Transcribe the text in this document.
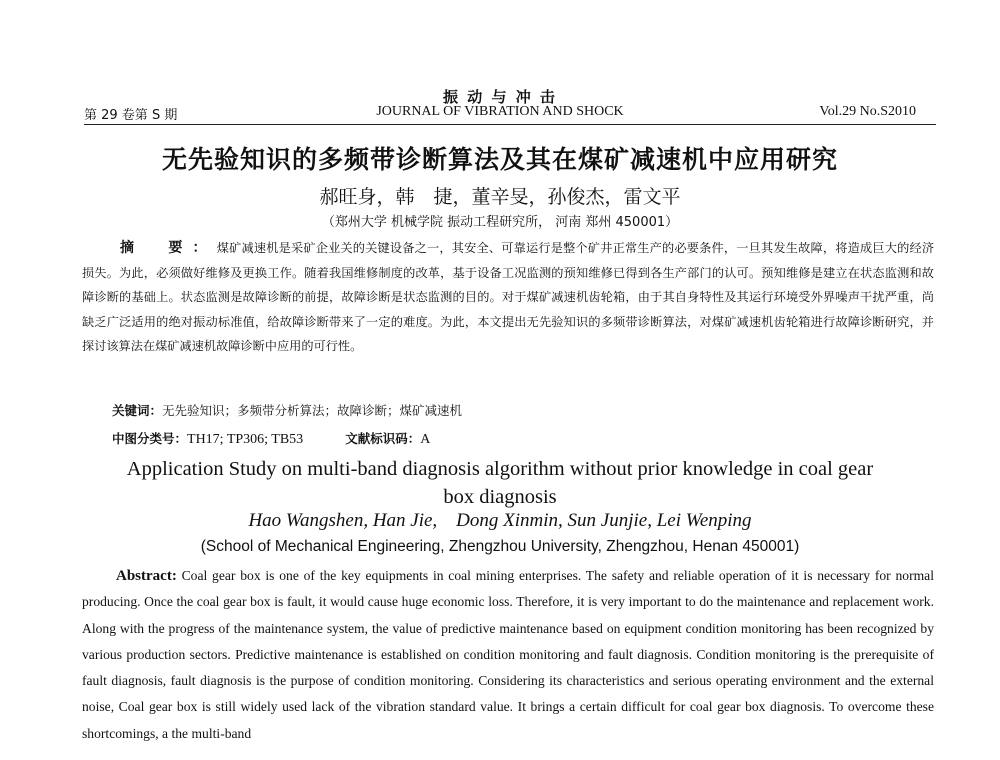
振 动 与 冲 击
第 29 卷第 S 期	JOURNAL OF VIBRATION AND SHOCK	Vol.29 No.S2010
无先验知识的多频带诊断算法及其在煤矿减速机中应用研究
郝旺身，韩　捷，董辛旻，孙俊杰，雷文平
（郑州大学 机械学院 振动工程研究所， 河南 郑州 450001）
摘　要：煤矿减速机是采矿企业关的关键设备之一，其安全、可靠运行是整个矿井正常生产的必要条件，一旦其发生故障，将造成巨大的经济损失。为此，必须做好维修及更换工作。随着我国维修制度的改革，基于设备工况监测的预知维修已得到各生产部门的认可。预知维修是建立在状态监测和故障诊断的基础上。状态监测是故障诊断的前提，故障诊断是状态监测的目的。对于煤矿减速机齿轮箱，由于其自身特性及其运行环境受外界噪声干扰严重，尚缺乏广泛适用的绝对振动标准值，给故障诊断带来了一定的难度。为此，本文提出无先验知识的多频带诊断算法，对煤矿减速机齿轮箱进行故障诊断研究，并探讨该算法在煤矿减速机故障诊断中应用的可行性。
关键词：无先验知识；多频带分析算法；故障诊断；煤矿减速机
中图分类号：TH17; TP306; TB53	文献标识码：A
Application Study on multi-band diagnosis algorithm without prior knowledge in coal gear box diagnosis
Hao Wangshen, Han Jie,    Dong Xinmin, Sun Junjie, Lei Wenping
(School of Mechanical Engineering, Zhengzhou University, Zhengzhou, Henan 450001)
Abstract: Coal gear box is one of the key equipments in coal mining enterprises. The safety and reliable operation of it is necessary for normal producing. Once the coal gear box is fault, it would cause huge economic loss. Therefore, it is very important to do the maintenance and replacement work. Along with the progress of the maintenance system, the value of predictive maintenance based on equipment condition monitoring has been recognized by various production sectors. Predictive maintenance is established on condition monitoring and fault diagnosis. Condition monitoring is the prerequisite of fault diagnosis, fault diagnosis is the purpose of condition monitoring. Considering its characteristics and serious operating environment and the external noise, Coal gear box is still widely used lack of the vibration standard value. It brings a certain difficult for coal gear box diagnosis. To overcome these shortcomings, a the multi-band
